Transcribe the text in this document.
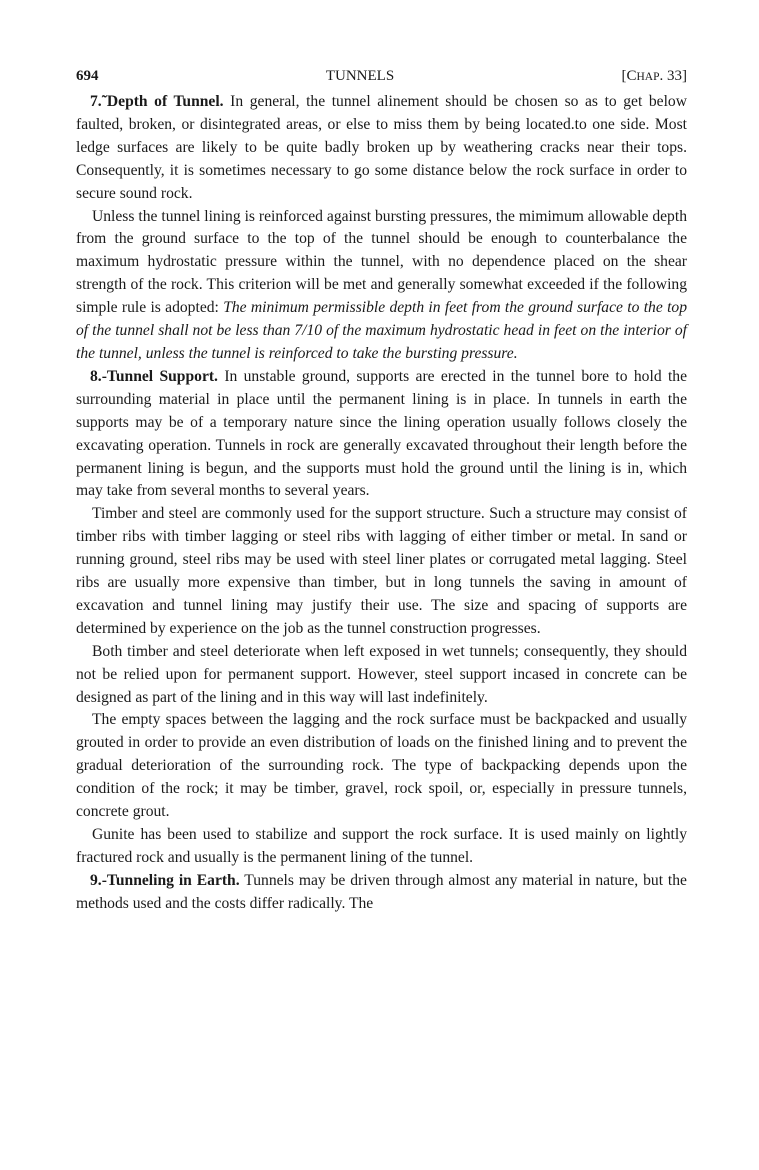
694	TUNNELS	[CHAP. 33]

7.˜Depth of Tunnel. In general, the tunnel alinement should be chosen so as to get below faulted, broken, or disintegrated areas, or else to miss them by being located.to one side. Most ledge surfaces are likely to be quite badly broken up by weathering cracks near their tops. Consequently, it is sometimes necessary to go some distance below the rock surface in order to secure sound rock.

Unless the tunnel lining is reinforced against bursting pressures, the mimimum allowable depth from the ground surface to the top of the tunnel should be enough to counterbalance the maximum hydrostatic pressure within the tunnel, with no dependence placed on the shear strength of the rock. This criterion will be met and generally somewhat exceeded if the following simple rule is adopted: The minimum permissible depth in feet from the ground surface to the top of the tunnel shall not be less than 7/10 of the maximum hydrostatic head in feet on the interior of the tunnel, unless the tunnel is reinforced to take the bursting pressure.

8.‐Tunnel Support. In unstable ground, supports are erected in the tunnel bore to hold the surrounding material in place until the permanent lining is in place. In tunnels in earth the supports may be of a temporary nature since the lining operation usually follows closely the excavating operation. Tunnels in rock are generally excavated throughout their length before the permanent lining is begun, and the supports must hold the ground until the lining is in, which may take from several months to several years.

Timber and steel are commonly used for the support structure. Such a structure may consist of timber ribs with timber lagging or steel ribs with lagging of either timber or metal. In sand or running ground, steel ribs may be used with steel liner plates or corrugated metal lagging. Steel ribs are usually more expensive than timber, but in long tunnels the saving in amount of excavation and tunnel lining may justify their use. The size and spacing of supports are determined by experience on the job as the tunnel construction progresses.

Both timber and steel deteriorate when left exposed in wet tunnels; consequently, they should not be relied upon for permanent support. However, steel support incased in concrete can be designed as part of the lining and in this way will last indefinitely.

The empty spaces between the lagging and the rock surface must be backpacked and usually grouted in order to provide an even distribution of loads on the finished lining and to prevent the gradual deterioration of the surrounding rock. The type of backpacking depends upon the condition of the rock; it may be timber, gravel, rock spoil, or, especially in pressure tunnels, concrete grout.

Gunite has been used to stabilize and support the rock surface. It is used mainly on lightly fractured rock and usually is the permanent lining of the tunnel.

9.‐Tunneling in Earth. Tunnels may be driven through almost any material in nature, but the methods used and the costs differ radically. The
